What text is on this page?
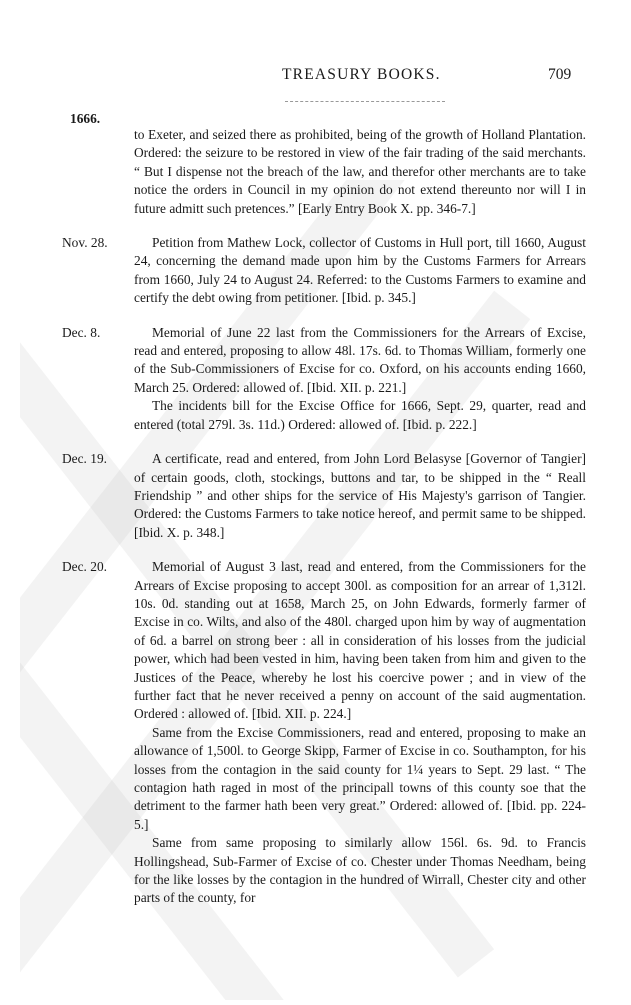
TREASURY BOOKS.	709
1666.

to Exeter, and seized there as prohibited, being of the growth of Holland Plantation. Ordered: the seizure to be restored in view of the fair trading of the said merchants. “ But I dispense not the breach of the law, and therefor other merchants are to take notice the orders in Council in my opinion do not extend thereunto nor will I in future admitt such pretences.” [Early Entry Book X. pp. 346-7.]

Nov. 28.	Petition from Mathew Lock, collector of Customs in Hull port, till 1660, August 24, concerning the demand made upon him by the Customs Farmers for Arrears from 1660, July 24 to August 24. Referred: to the Customs Farmers to examine and certify the debt owing from petitioner. [Ibid. p. 345.]

Dec. 8.	Memorial of June 22 last from the Commissioners for the Arrears of Excise, read and entered, proposing to allow 48l. 17s. 6d. to Thomas William, formerly one of the Sub-Commissioners of Excise for co. Oxford, on his accounts ending 1660, March 25. Ordered: allowed of. [Ibid. XII. p. 221.]

The incidents bill for the Excise Office for 1666, Sept. 29, quarter, read and entered (total 279l. 3s. 11d.) Ordered: allowed of. [Ibid. p. 222.]

Dec. 19.	A certificate, read and entered, from John Lord Belasyse [Governor of Tangier] of certain goods, cloth, stockings, buttons and tar, to be shipped in the “ Reall Friendship ” and other ships for the service of His Majesty's garrison of Tangier. Ordered: the Customs Farmers to take notice hereof, and permit same to be shipped. [Ibid. X. p. 348.]

Dec. 20.	Memorial of August 3 last, read and entered, from the Commissioners for the Arrears of Excise proposing to accept 300l. as composition for an arrear of 1,312l. 10s. 0d. standing out at 1658, March 25, on John Edwards, formerly farmer of Excise in co. Wilts, and also of the 480l. charged upon him by way of augmentation of 6d. a barrel on strong beer : all in consideration of his losses from the judicial power, which had been vested in him, having been taken from him and given to the Justices of the Peace, whereby he lost his coercive power ; and in view of the further fact that he never received a penny on account of the said augmentation. Ordered : allowed of. [Ibid. XII. p. 224.]

Same from the Excise Commissioners, read and entered, proposing to make an allowance of 1,500l. to George Skipp, Farmer of Excise in co. Southampton, for his losses from the contagion in the said county for 1¼ years to Sept. 29 last. “ The contagion hath raged in most of the principall towns of this county soe that the detriment to the farmer hath been very great.” Ordered: allowed of. [Ibid. pp. 224-5.]

Same from same proposing to similarly allow 156l. 6s. 9d. to Francis Hollingshead, Sub-Farmer of Excise of co. Chester under Thomas Needham, being for the like losses by the contagion in the hundred of Wirrall, Chester city and other parts of the county, for
